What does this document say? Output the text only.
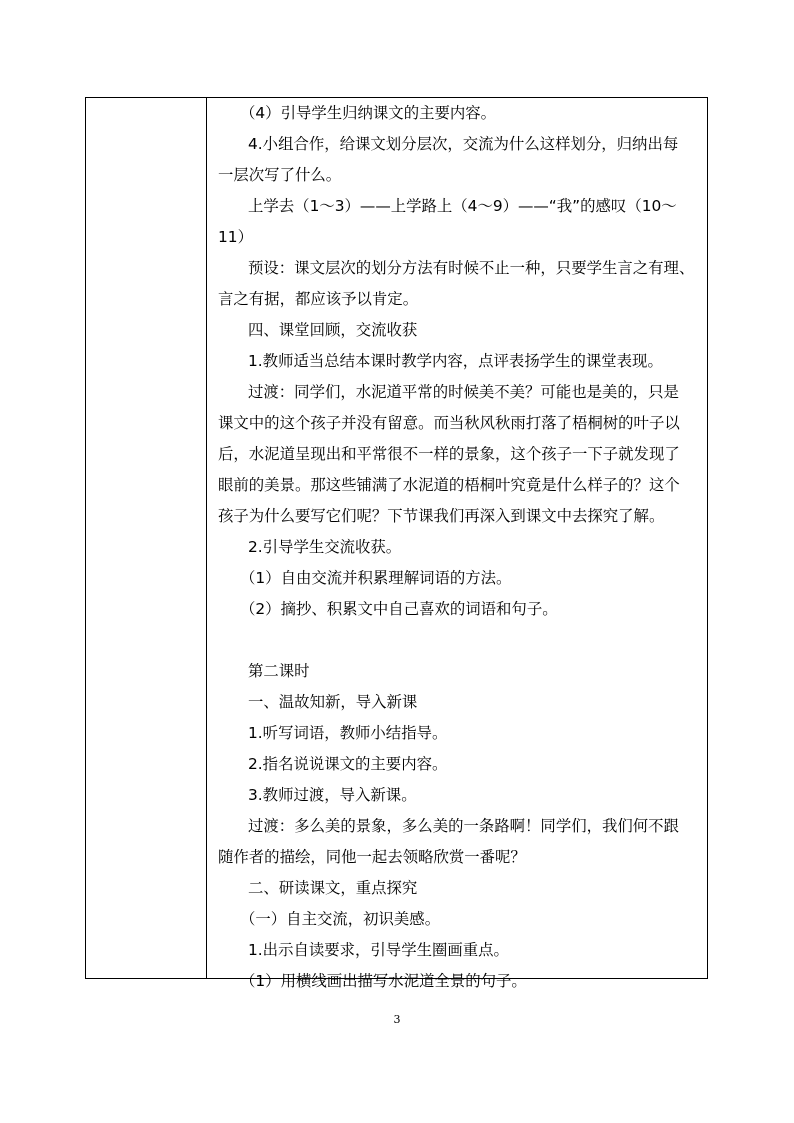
（4）引导学生归纳课文的主要内容。

4.小组合作，给课文划分层次，交流为什么这样划分，归纳出每

一层次写了什么。

上学去（1～3）——上学路上（4～9）——“我”的感叹（10～

11）

预设：课文层次的划分方法有时候不止一种，只要学生言之有理、

言之有据，都应该予以肯定。

四、课堂回顾，交流收获

1.教师适当总结本课时教学内容，点评表扬学生的课堂表现。

过渡：同学们，水泥道平常的时候美不美？可能也是美的，只是

课文中的这个孩子并没有留意。而当秋风秋雨打落了梧桐树的叶子以

后，水泥道呈现出和平常很不一样的景象，这个孩子一下子就发现了

眼前的美景。那这些铺满了水泥道的梧桐叶究竟是什么样子的？这个

孩子为什么要写它们呢？下节课我们再深入到课文中去探究了解。

2.引导学生交流收获。

（1）自由交流并积累理解词语的方法。

（2）摘抄、积累文中自己喜欢的词语和句子。

第二课时

一、温故知新，导入新课

1.听写词语，教师小结指导。

2.指名说说课文的主要内容。

3.教师过渡，导入新课。

过渡：多么美的景象，多么美的一条路啊！同学们，我们何不跟

随作者的描绘，同他一起去领略欣赏一番呢？

二、研读课文，重点探究

（一）自主交流，初识美感。

1.出示自读要求，引导学生圈画重点。

（1）用横线画出描写水泥道全景的句子。

3
